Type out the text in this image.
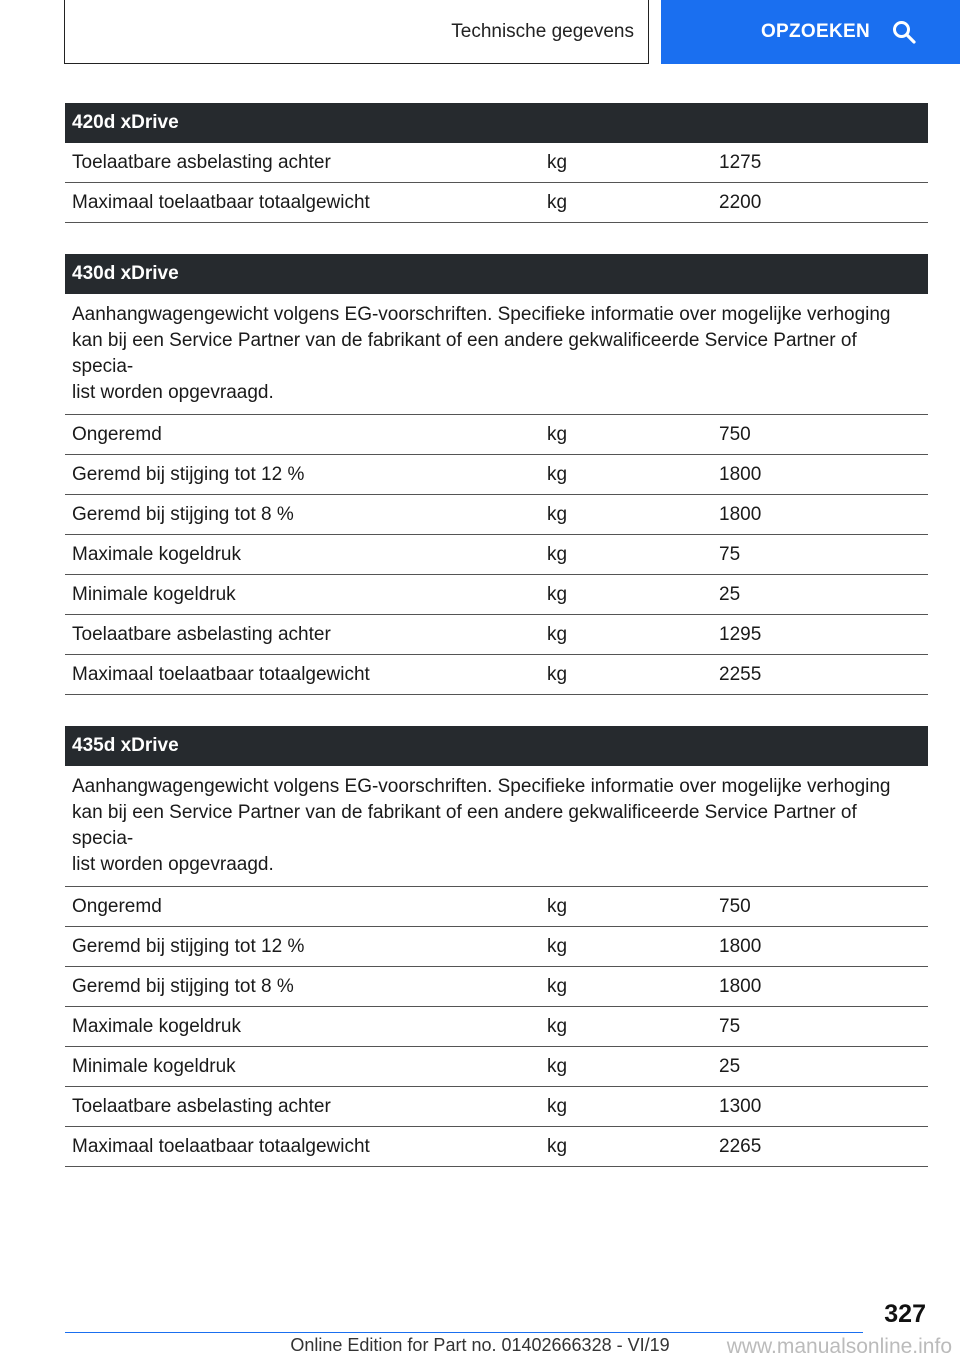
Technische gegevens	OPZOEKEN
420d xDrive
Toelaatbare asbelasting achter	kg	1275
Maximaal toelaatbaar totaalgewicht	kg	2200
430d xDrive
Aanhangwagengewicht volgens EG-voorschriften. Specifieke informatie over mogelijke verhoging
kan bij een Service Partner van de fabrikant of een andere gekwalificeerde Service Partner of specia-
list worden opgevraagd.
Ongeremd	kg	750
Geremd bij stijging tot 12 %	kg	1800
Geremd bij stijging tot 8 %	kg	1800
Maximale kogeldruk	kg	75
Minimale kogeldruk	kg	25
Toelaatbare asbelasting achter	kg	1295
Maximaal toelaatbaar totaalgewicht	kg	2255
435d xDrive
Aanhangwagengewicht volgens EG-voorschriften. Specifieke informatie over mogelijke verhoging
kan bij een Service Partner van de fabrikant of een andere gekwalificeerde Service Partner of specia-
list worden opgevraagd.
Ongeremd	kg	750
Geremd bij stijging tot 12 %	kg	1800
Geremd bij stijging tot 8 %	kg	1800
Maximale kogeldruk	kg	75
Minimale kogeldruk	kg	25
Toelaatbare asbelasting achter	kg	1300
Maximaal toelaatbaar totaalgewicht	kg	2265
327
Online Edition for Part no. 01402666328 - VI/19	www.manualsonline.info
